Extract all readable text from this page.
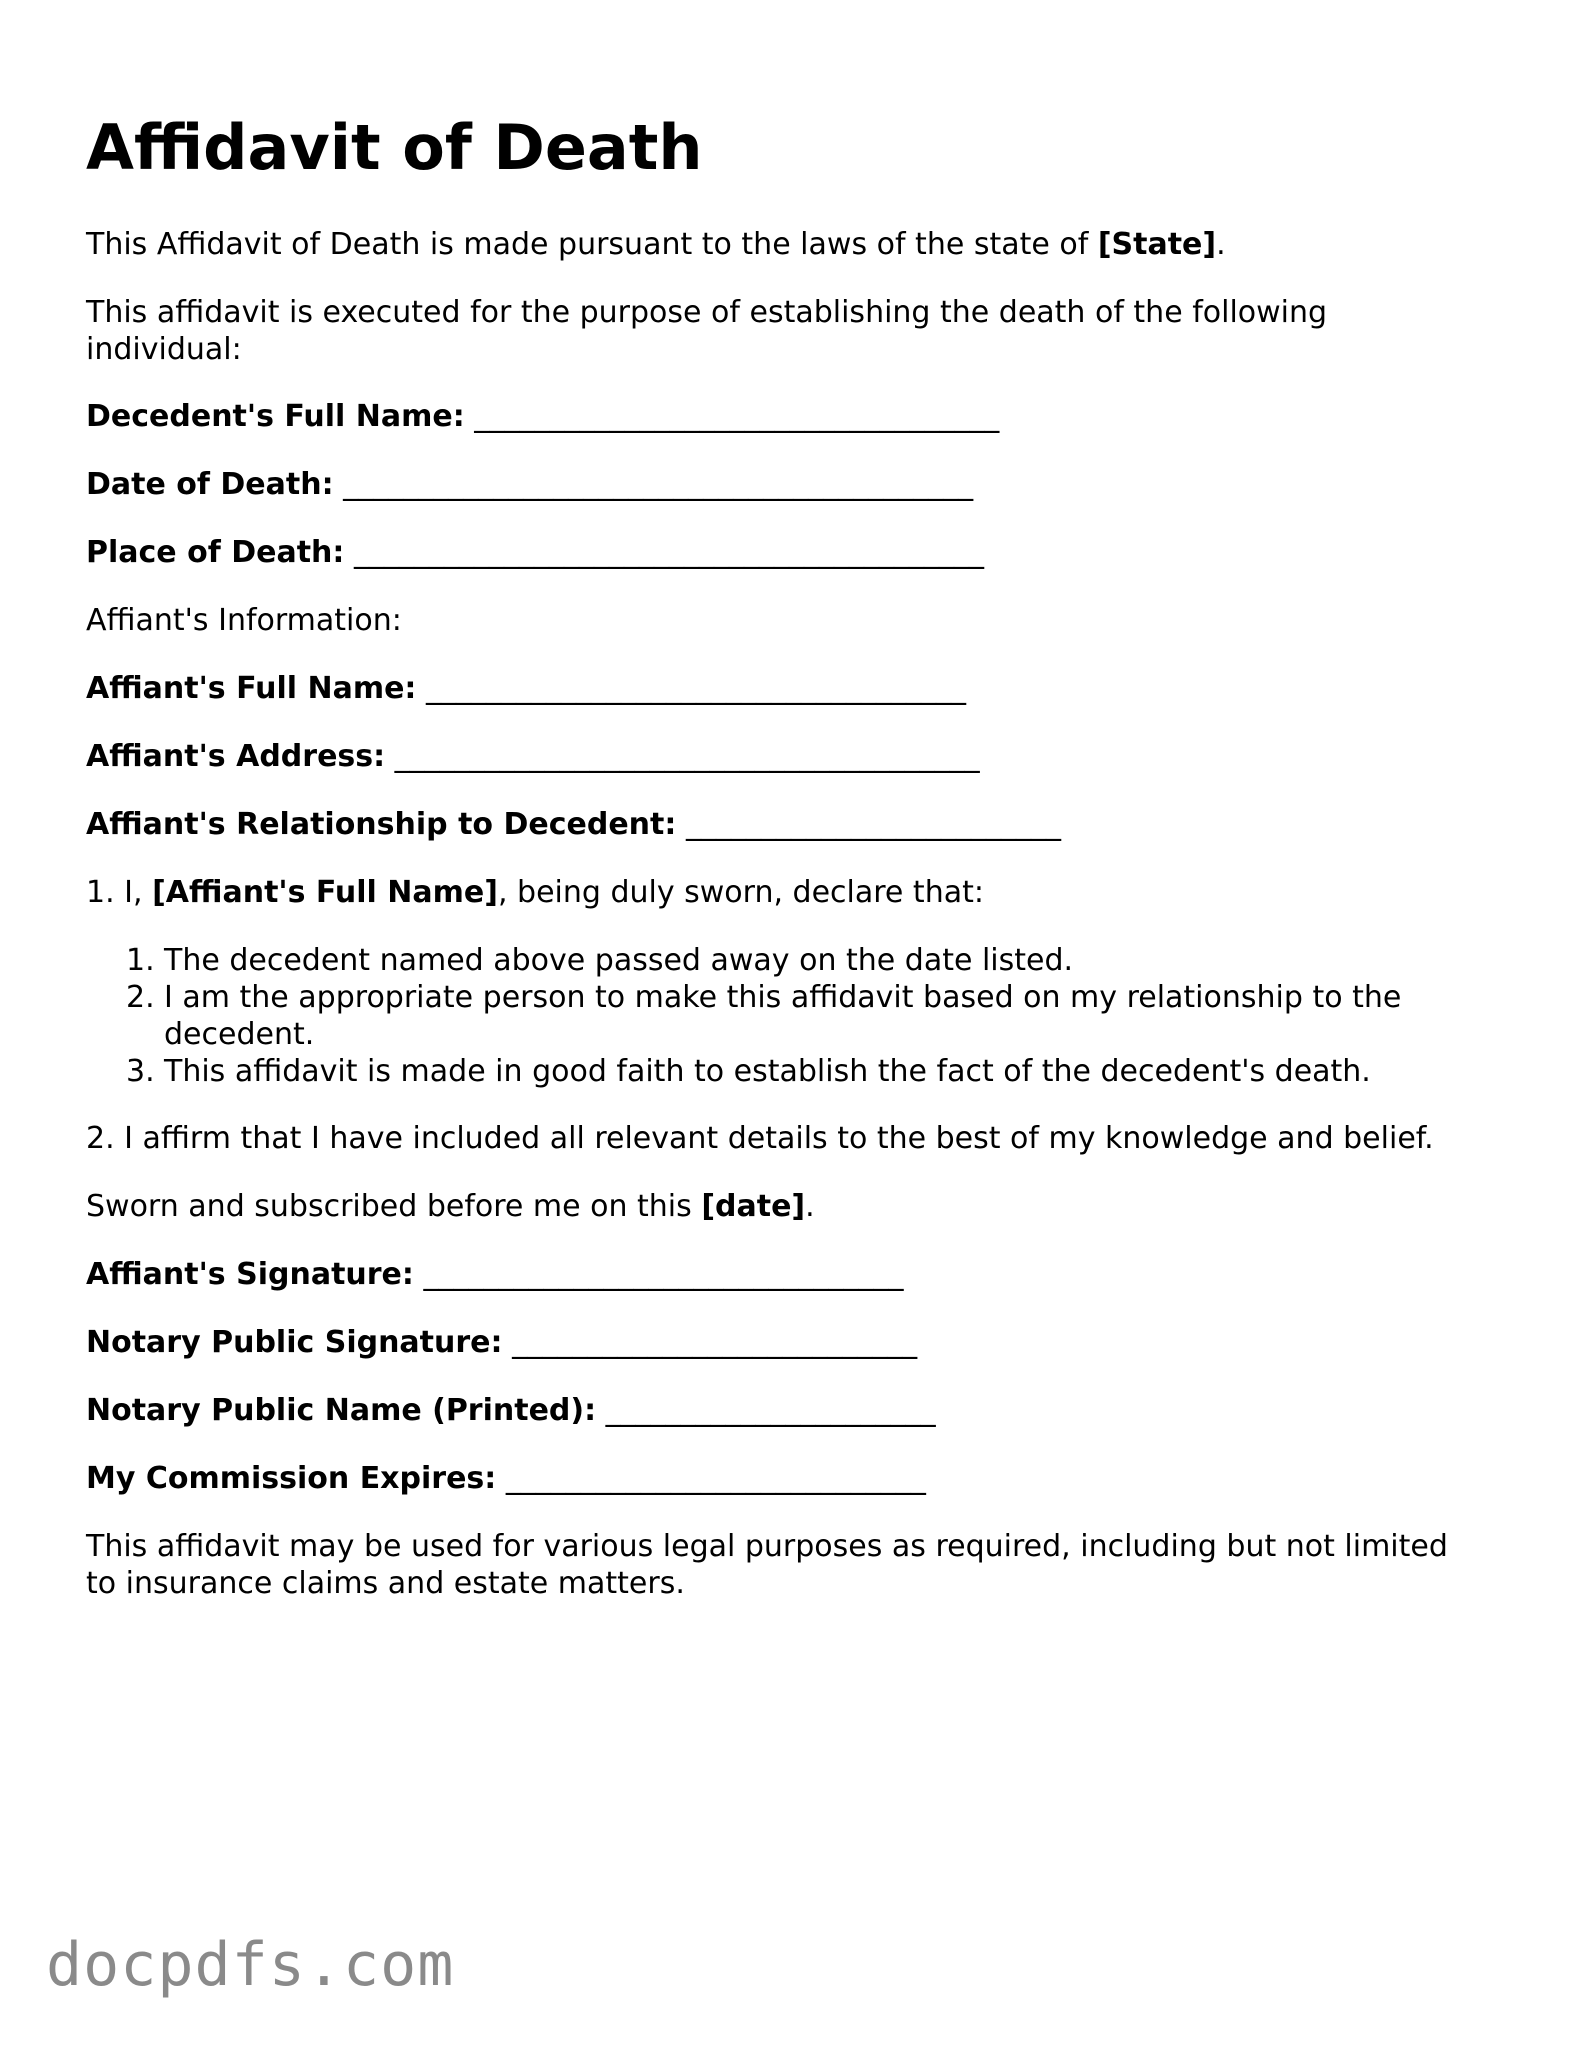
Affidavit of Death

This Affidavit of Death is made pursuant to the laws of the state of [State].

This affidavit is executed for the purpose of establishing the death of the following individual:

Decedent's Full Name: ___________________________________

Date of Death: __________________________________________

Place of Death: __________________________________________

Affiant's Information:

Affiant's Full Name: ____________________________________

Affiant's Address: _______________________________________

Affiant's Relationship to Decedent: _________________________

1. I, [Affiant's Full Name], being duly sworn, declare that:

1. The decedent named above passed away on the date listed.
2. I am the appropriate person to make this affidavit based on my relationship to the decedent.
3. This affidavit is made in good faith to establish the fact of the decedent's death.

2. I affirm that I have included all relevant details to the best of my knowledge and belief.

Sworn and subscribed before me on this [date].

Affiant's Signature: ________________________________

Notary Public Signature: ___________________________

Notary Public Name (Printed): ______________________

My Commission Expires: ____________________________

This affidavit may be used for various legal purposes as required, including but not limited to insurance claims and estate matters.

docpdfs.com
